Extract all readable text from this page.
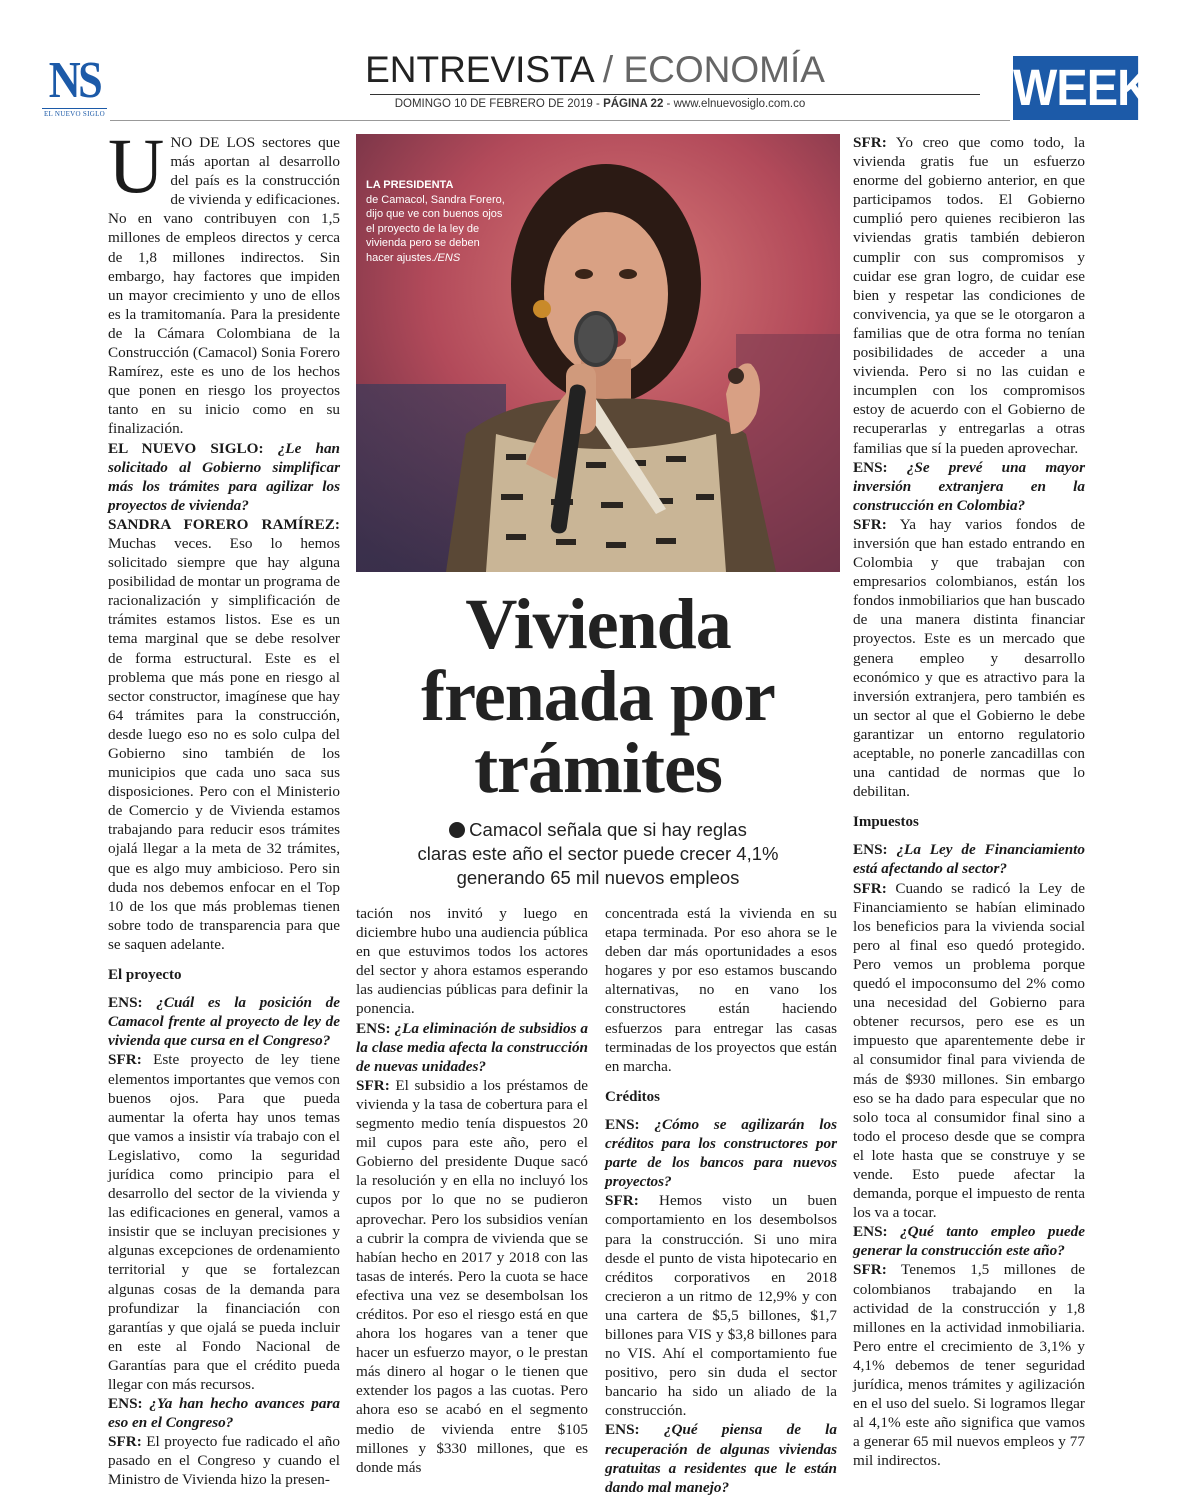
NS
EL NUEVO SIGLO
ENTREVISTA / ECONOMÍA
DOMINGO 10 DE FEBRERO DE 2019 - PÁGINA 22 - www.elnuevosiglo.com.co	WEEK
LA PRESIDENTA
de Camacol, Sandra Forero, dijo que ve con buenos ojos el proyecto de la ley de vivienda pero se deben hacer ajustes./ENS
Vivienda
frenada por
trámites
Camacol señala que si hay reglas
claras este año el sector puede crecer 4,1%
generando 65 mil nuevos empleos

UNO DE LOS sectores que más aportan al desarrollo del país es la construcción de vivienda y edificaciones. No en vano contribuyen con 1,5 millones de empleos directos y cerca de 1,8 millones indirectos. Sin embargo, hay factores que impiden un mayor crecimiento y uno de ellos es la tramitomanía. Para la presidente de la Cámara Colombiana de la Construcción (Camacol) Sonia Forero Ramírez, este es uno de los hechos que ponen en riesgo los proyectos tanto en su inicio como en su finalización.

EL NUEVO SIGLO: ¿Le han solicitado al Gobierno simplificar más los trámites para agilizar los proyectos de vivienda?

SANDRA FORERO RAMÍREZ: Muchas veces. Eso lo hemos solicitado siempre que hay alguna posibilidad de montar un programa de racionalización y simplificación de trámites estamos listos. Ese es un tema marginal que se debe resolver de forma estructural. Este es el problema que más pone en riesgo al sector constructor, imagínese que hay 64 trámites para la construcción, desde luego eso no es solo culpa del Gobierno sino también de los municipios que cada uno saca sus disposiciones. Pero con el Ministerio de Comercio y de Vivienda estamos trabajando para reducir esos trámites ojalá llegar a la meta de 32 trámites, que es algo muy ambicioso. Pero sin duda nos debemos enfocar en el Top 10 de los que más problemas tienen sobre todo de transparencia para que se saquen adelante.

El proyecto

ENS: ¿Cuál es la posición de Camacol frente al proyecto de ley de vivienda que cursa en el Congreso?

SFR: Este proyecto de ley tiene elementos importantes que vemos con buenos ojos. Para que pueda aumentar la oferta hay unos temas que vamos a insistir vía trabajo con el Legislativo, como la seguridad jurídica como principio para el desarrollo del sector de la vivienda y las edificaciones en general, vamos a insistir que se incluyan precisiones y algunas excepciones de ordenamiento territorial y que se fortalezcan algunas cosas de la demanda para profundizar la financiación con garantías y que ojalá se pueda incluir en este al Fondo Nacional de Garantías para que el crédito pueda llegar con más recursos.

ENS: ¿Ya han hecho avances para eso en el Congreso?

SFR: El proyecto fue radicado el año pasado en el Congreso y cuando el Ministro de Vivienda hizo la presen-

tación nos invitó y luego en diciembre hubo una audiencia pública en que estuvimos todos los actores del sector y ahora estamos esperando las audiencias públicas para definir la ponencia.

ENS: ¿La eliminación de subsidios a la clase media afecta la construcción de nuevas unidades?

SFR: El subsidio a los préstamos de vivienda y la tasa de cobertura para el segmento medio tenía dispuestos 20 mil cupos para este año, pero el Gobierno del presidente Duque sacó la resolución y en ella no incluyó los cupos por lo que no se pudieron aprovechar. Pero los subsidios venían a cubrir la compra de vivienda que se habían hecho en 2017 y 2018 con las tasas de interés. Pero la cuota se hace efectiva una vez se desembolsan los créditos. Por eso el riesgo está en que ahora los hogares van a tener que hacer un esfuerzo mayor, o le prestan más dinero al hogar o le tienen que extender los pagos a las cuotas. Pero ahora eso se acabó en el segmento medio de vivienda entre $105 millones y $330 millones, que es donde más

concentrada está la vivienda en su etapa terminada. Por eso ahora se le deben dar más oportunidades a esos hogares y por eso estamos buscando alternativas, no en vano los constructores están haciendo esfuerzos para entregar las casas terminadas de los proyectos que están en marcha.

Créditos

ENS: ¿Cómo se agilizarán los créditos para los constructores por parte de los bancos para nuevos proyectos?

SFR: Hemos visto un buen comportamiento en los desembolsos para la construcción. Si uno mira desde el punto de vista hipotecario en créditos corporativos en 2018 crecieron a un ritmo de 12,9% y con una cartera de $5,5 billones, $1,7 billones para VIS y $3,8 billones para no VIS. Ahí el comportamiento fue positivo, pero sin duda el sector bancario ha sido un aliado de la construcción.

ENS: ¿Qué piensa de la recuperación de algunas viviendas gratuitas a residentes que le están dando mal manejo?

SFR: Yo creo que como todo, la vivienda gratis fue un esfuerzo enorme del gobierno anterior, en que participamos todos. El Gobierno cumplió pero quienes recibieron las viviendas gratis también debieron cumplir con sus compromisos y cuidar ese gran logro, de cuidar ese bien y respetar las condiciones de convivencia, ya que se le otorgaron a familias que de otra forma no tenían posibilidades de acceder a una vivienda. Pero si no las cuidan e incumplen con los compromisos estoy de acuerdo con el Gobierno de recuperarlas y entregarlas a otras familias que sí la pueden aprovechar.

ENS: ¿Se prevé una mayor inversión extranjera en la construcción en Colombia?

SFR: Ya hay varios fondos de inversión que han estado entrando en Colombia y que trabajan con empresarios colombianos, están los fondos inmobiliarios que han buscado de una manera distinta financiar proyectos. Este es un mercado que genera empleo y desarrollo económico y que es atractivo para la inversión extranjera, pero también es un sector al que el Gobierno le debe garantizar un entorno regulatorio aceptable, no ponerle zancadillas con una cantidad de normas que lo debilitan.

Impuestos

ENS: ¿La Ley de Financiamiento está afectando al sector?

SFR: Cuando se radicó la Ley de Financiamiento se habían eliminado los beneficios para la vivienda social pero al final eso quedó protegido. Pero vemos un problema porque quedó el impoconsumo del 2% como una necesidad del Gobierno para obtener recursos, pero ese es un impuesto que aparentemente debe ir al consumidor final para vivienda de más de $930 millones. Sin embargo eso se ha dado para especular que no solo toca al consumidor final sino a todo el proceso desde que se compra el lote hasta que se construye y se vende. Esto puede afectar la demanda, porque el impuesto de renta los va a tocar.

ENS: ¿Qué tanto empleo puede generar la construcción este año?

SFR: Tenemos 1,5 millones de colombianos trabajando en la actividad de la construcción y 1,8 millones en la actividad inmobiliaria. Pero entre el crecimiento de 3,1% y 4,1% debemos de tener seguridad jurídica, menos trámites y agilización en el uso del suelo. Si logramos llegar al 4,1% este año significa que vamos a generar 65 mil nuevos empleos y 77 mil indirectos.
